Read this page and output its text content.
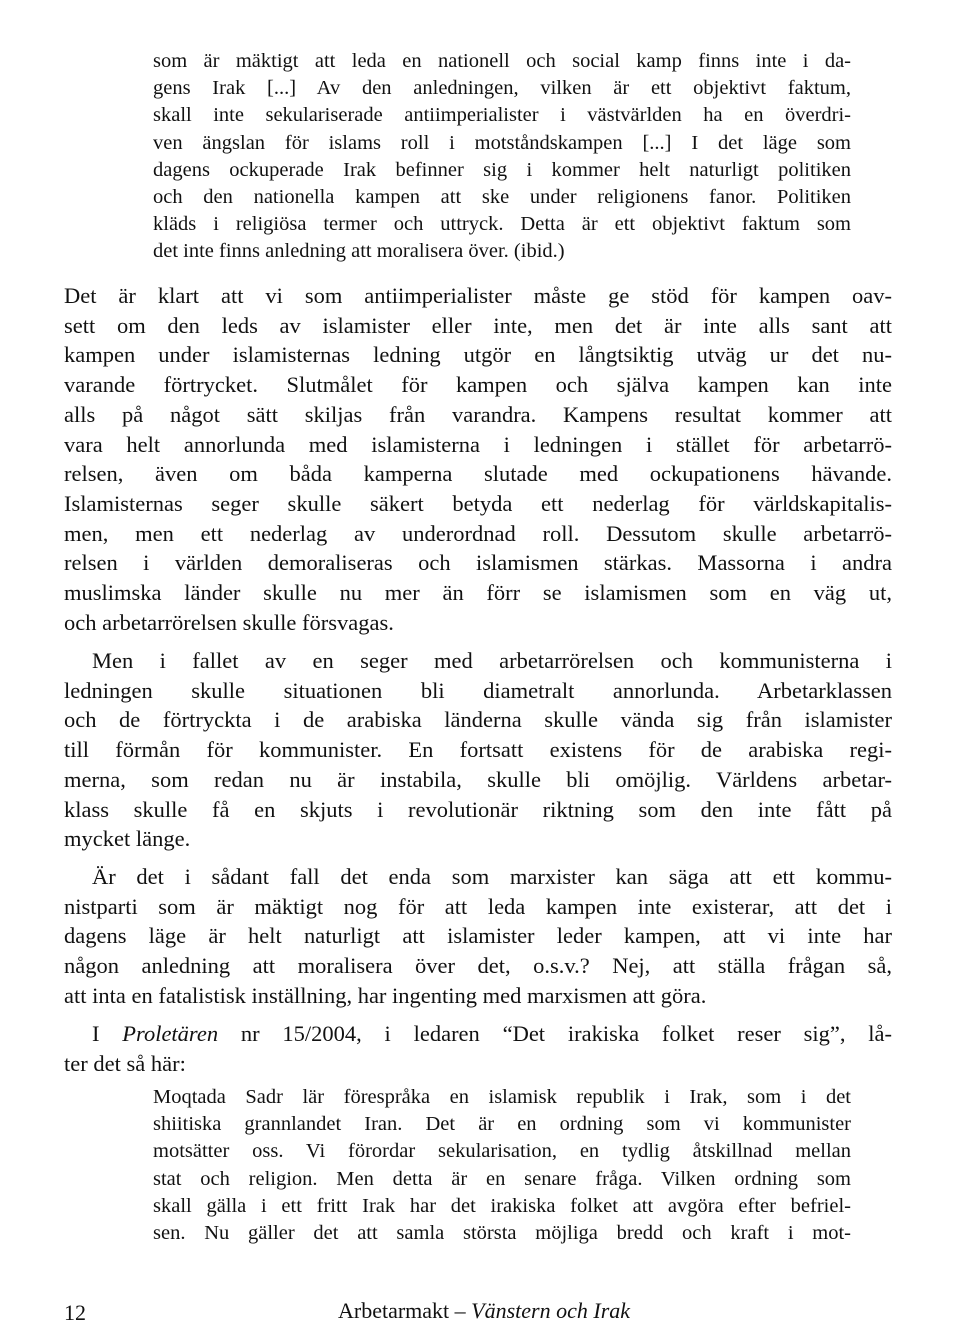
som är mäktigt att leda en nationell och social kamp finns inte i da-
gens Irak [...] Av den anledningen, vilken är ett objektivt faktum,
skall inte sekulariserade antiimperialister i västvärlden ha en överdri-
ven ängslan för islams roll i motståndskampen [...] I det läge som
dagens ockuperade Irak befinner sig i kommer helt naturligt politiken
och den nationella kampen att ske under religionens fanor. Politiken
kläds i religiösa termer och uttryck. Detta är ett objektivt faktum som
det inte finns anledning att moralisera över. (ibid.)
Det är klart att vi som antiimperialister måste ge stöd för kampen oav-
sett om den leds av islamister eller inte, men det är inte alls sant att
kampen under islamisternas ledning utgör en långtsiktig utväg ur det nu-
varande förtrycket. Slutmålet för kampen och själva kampen kan inte
alls på något sätt skiljas från varandra. Kampens resultat kommer att
vara helt annorlunda med islamisterna i ledningen i stället för arbetarrö-
relsen, även om båda kamperna slutade med ockupationens hävande.
Islamisternas seger skulle säkert betyda ett nederlag för världskapitalis-
men, men ett nederlag av underordnad roll. Dessutom skulle arbetarrö-
relsen i världen demoraliseras och islamismen stärkas. Massorna i andra
muslimska länder skulle nu mer än förr se islamismen som en väg ut,
och arbetarrörelsen skulle försvagas.
Men i fallet av en seger med arbetarrörelsen och kommunisterna i
ledningen skulle situationen bli diametralt annorlunda. Arbetarklassen
och de förtryckta i de arabiska länderna skulle vända sig från islamister
till förmån för kommunister. En fortsatt existens för de arabiska regi-
merna, som redan nu är instabila, skulle bli omöjlig. Världens arbetar-
klass skulle få en skjuts i revolutionär riktning som den inte fått på
mycket länge.
Är det i sådant fall det enda som marxister kan säga att ett kommu-
nistparti som är mäktigt nog för att leda kampen inte existerar, att det i
dagens läge är helt naturligt att islamister leder kampen, att vi inte har
någon anledning att moralisera över det, o.s.v.? Nej, att ställa frågan så,
att inta en fatalistisk inställning, har ingenting med marxismen att göra.
I Proletären nr 15/2004, i ledaren “Det irakiska folket reser sig”, lå-
ter det så här:
Moqtada Sadr lär förespråka en islamisk republik i Irak, som i det
shiitiska grannlandet Iran. Det är en ordning som vi kommunister
motsätter oss. Vi förordar sekularisation, en tydlig åtskillnad mellan
stat och religion. Men detta är en senare fråga. Vilken ordning som
skall gälla i ett fritt Irak har det irakiska folket att avgöra efter befriel-
sen. Nu gäller det att samla största möjliga bredd och kraft i mot-
12	Arbetarmakt – Vänstern och Irak
